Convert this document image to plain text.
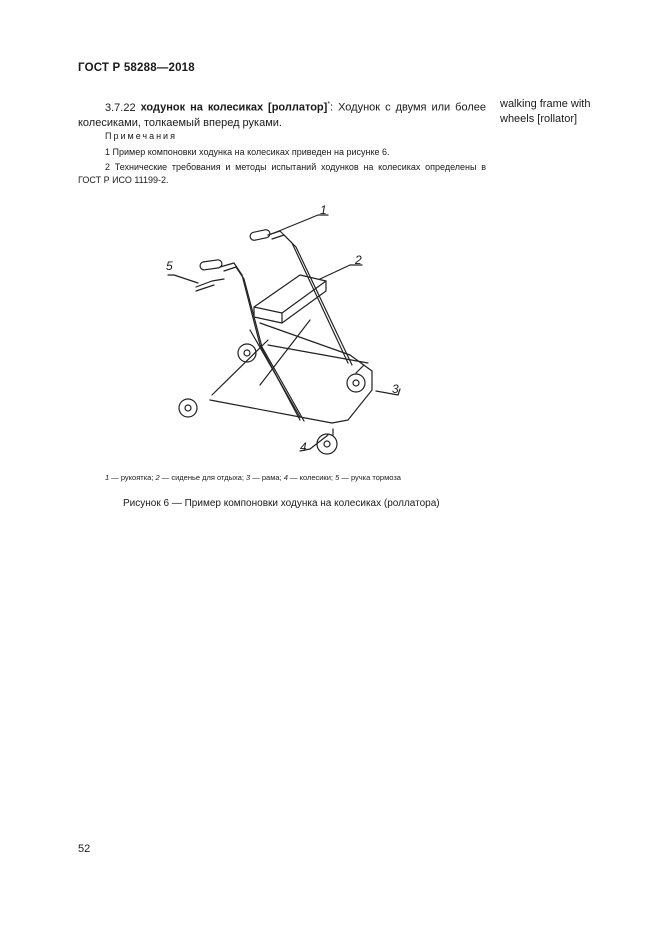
ГОСТ Р 58288—2018
3.7.22 ходунок на колесиках [роллатор]*: Ходунок с двумя или более колесиками, толкаемый вперед руками.
walking frame with wheels [rollator]
Примечания
1 Пример компоновки ходунка на колесиках приведен на рисунке 6.
2 Технические требования и методы испытаний ходунков на колесиках определены в ГОСТ Р ИСО 11199-2.
1
2
3
4
5
1 — рукоятка; 2 — сиденье для отдыха; 3 — рама; 4 — колесики; 5 — ручка тормоза
Рисунок 6 — Пример компоновки ходунка на колесиках (роллатора)
52
